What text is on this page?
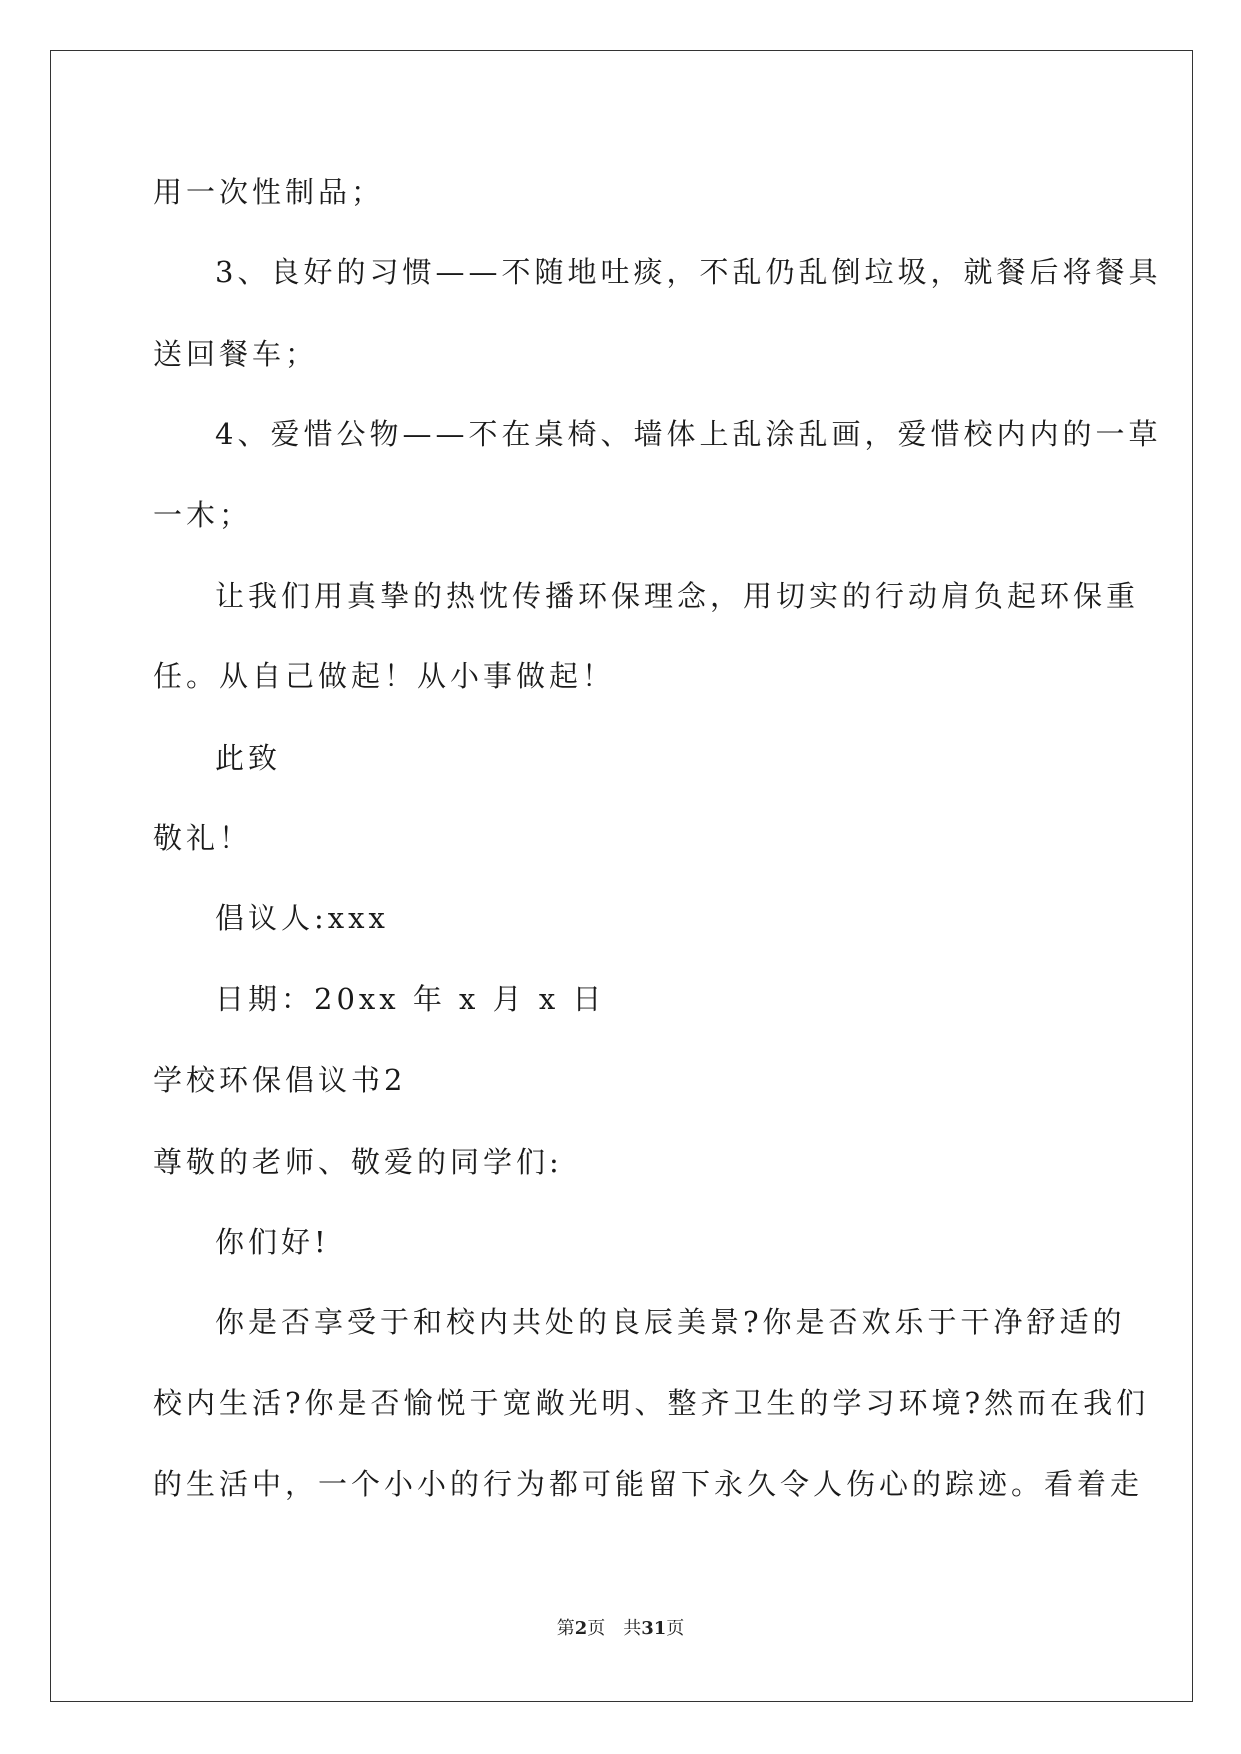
用一次性制品；
3、良好的习惯——不随地吐痰，不乱仍乱倒垃圾，就餐后将餐具
送回餐车；
4、爱惜公物——不在桌椅、墙体上乱涂乱画，爱惜校内内的一草
一木；
让我们用真挚的热忱传播环保理念，用切实的行动肩负起环保重
任。从自己做起！从小事做起！
此致
敬礼！
倡议人:xxx
日期：20xx 年 x 月 x 日
学校环保倡议书2
尊敬的老师、敬爱的同学们:
你们好!
你是否享受于和校内共处的良辰美景?你是否欢乐于干净舒适的
校内生活?你是否愉悦于宽敞光明、整齐卫生的学习环境?然而在我们
的生活中，一个小小的行为都可能留下永久令人伤心的踪迹。看着走
第2页　共31页
